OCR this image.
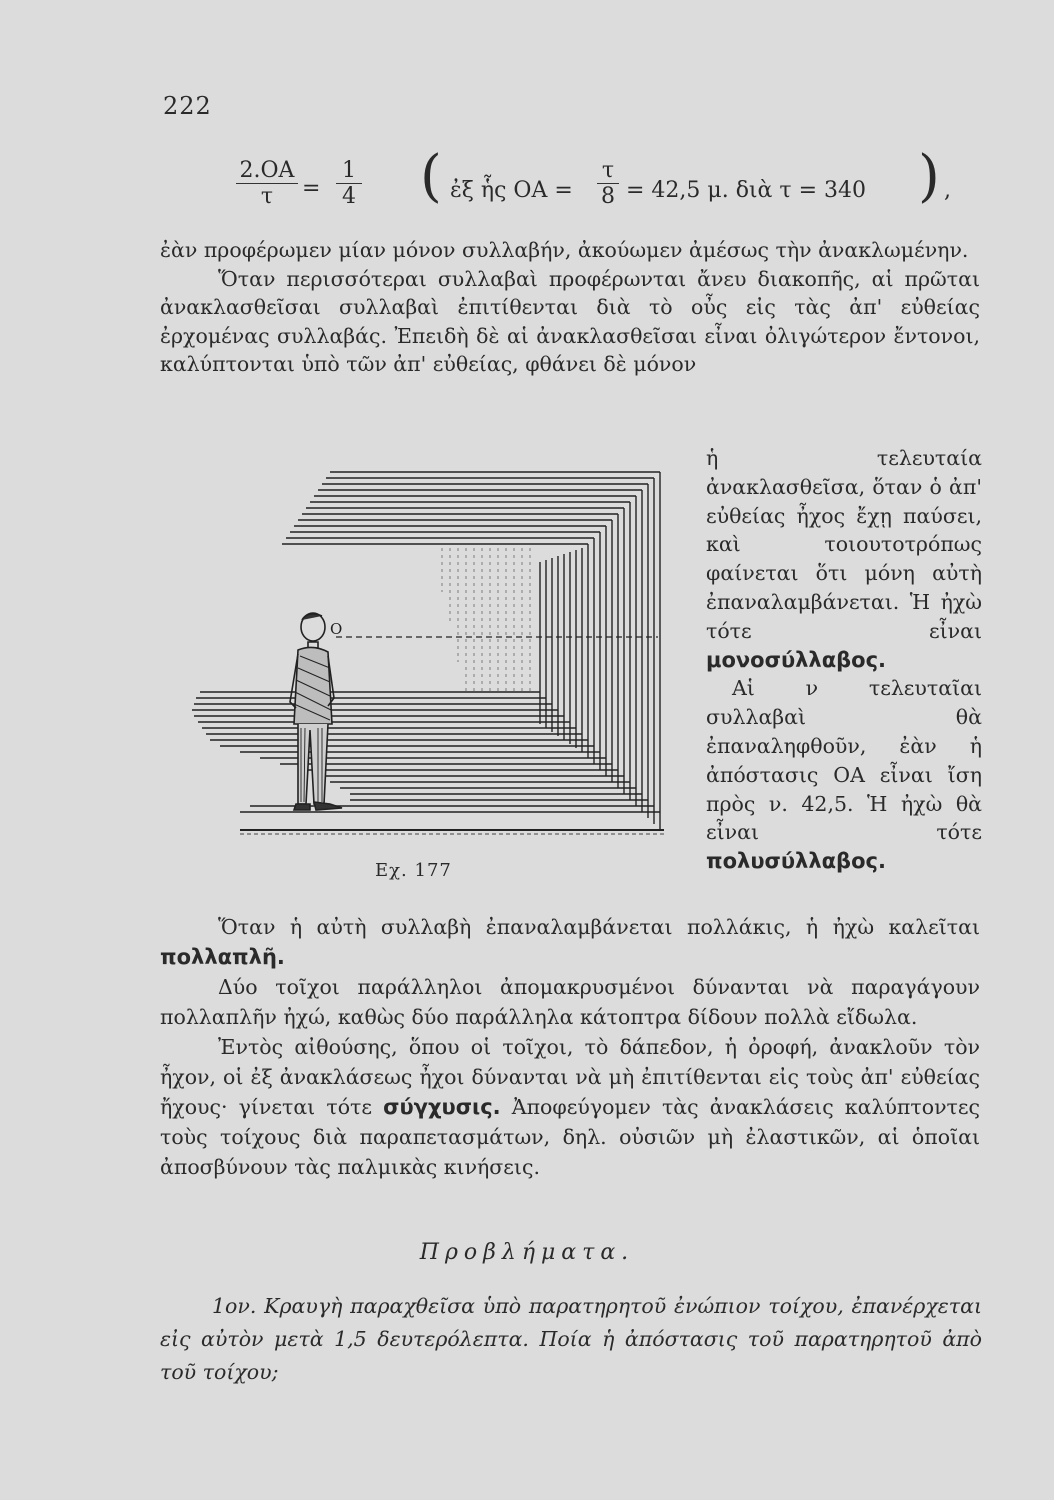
222
$\frac{2.OA}{\tau} = \frac{1}{4}$ ( ἐξ ἧς OA = $\frac{\tau}{8} = 42,5$ μ. διὰ τ = 340 ) ,

ἐὰν προφέρωμεν μίαν μόνον συλλαβήν, ἀκούωμεν ἀμέσως τὴν ἀνακλωμένην.

Ὅταν περισσότεραι συλλαβαὶ προφέρωνται ἄνευ διακοπῆς, αἱ πρῶται ἀνακλασθεῖσαι συλλαβαὶ ἐπιτίθενται διὰ τὸ οὖς εἰς τὰς ἀπ' εὐθείας ἐρχομένας συλλαβάς. Ἐπειδὴ δὲ αἱ ἀνακλασθεῖσαι εἶναι ὀλιγώτερον ἔντονοι, καλύπτονται ὑπὸ τῶν ἀπ' εὐθείας, φθάνει δὲ μόνον

ἡ τελευταία ἀνακλασθεῖσα, ὅταν ὁ ἀπ' εὐθείας ἦχος ἔχῃ παύσει, καὶ τοιουτοτρόπως φαίνεται ὅτι μόνη αὐτὴ ἐπαναλαμβάνεται. Ἡ ἠχὼ τότε εἶναι μονοσύλλαβος.

Αἱ ν τελευταῖαι συλλαβαὶ θὰ ἐπαναληφθοῦν, ἐὰν ἡ ἀπόστασις OA εἶναι ἴση πρὸς ν. 42,5. Ἡ ἠχὼ θὰ εἶναι τότε πολυσύλλαβος.

O
Εχ. 177

Ὅταν ἡ αὐτὴ συλλαβὴ ἐπαναλαμβάνεται πολλάκις, ἡ ἠχὼ καλεῖται πολλαπλῆ.

Δύο τοῖχοι παράλληλοι ἀπομακρυσμένοι δύνανται νὰ παραγάγουν πολλαπλῆν ἠχώ, καθὼς δύο παράλληλα κάτοπτρα δίδουν πολλὰ εἴδωλα.

Ἐντὸς αἰθούσης, ὅπου οἱ τοῖχοι, τὸ δάπεδον, ἡ ὀροφή, ἀνακλοῦν τὸν ἦχον, οἱ ἐξ ἀνακλάσεως ἦχοι δύνανται νὰ μὴ ἐπιτίθενται εἰς τοὺς ἀπ' εὐθείας ἤχους· γίνεται τότε σύγχυσις. Ἀποφεύγομεν τὰς ἀνακλάσεις καλύπτοντες τοὺς τοίχους διὰ παραπετασμάτων, δηλ. οὐσιῶν μὴ ἐλαστικῶν, αἱ ὁποῖαι ἀποσβύνουν τὰς παλμικὰς κινήσεις.

Προβλήματα.

1ον. Κραυγὴ παραχθεῖσα ὑπὸ παρατηρητοῦ ἐνώπιον τοίχου, ἐπανέρχεται εἰς αὐτὸν μετὰ 1,5 δευτερόλεπτα. Ποία ἡ ἀπόστασις τοῦ παρατηρητοῦ ἀπὸ τοῦ τοίχου;
